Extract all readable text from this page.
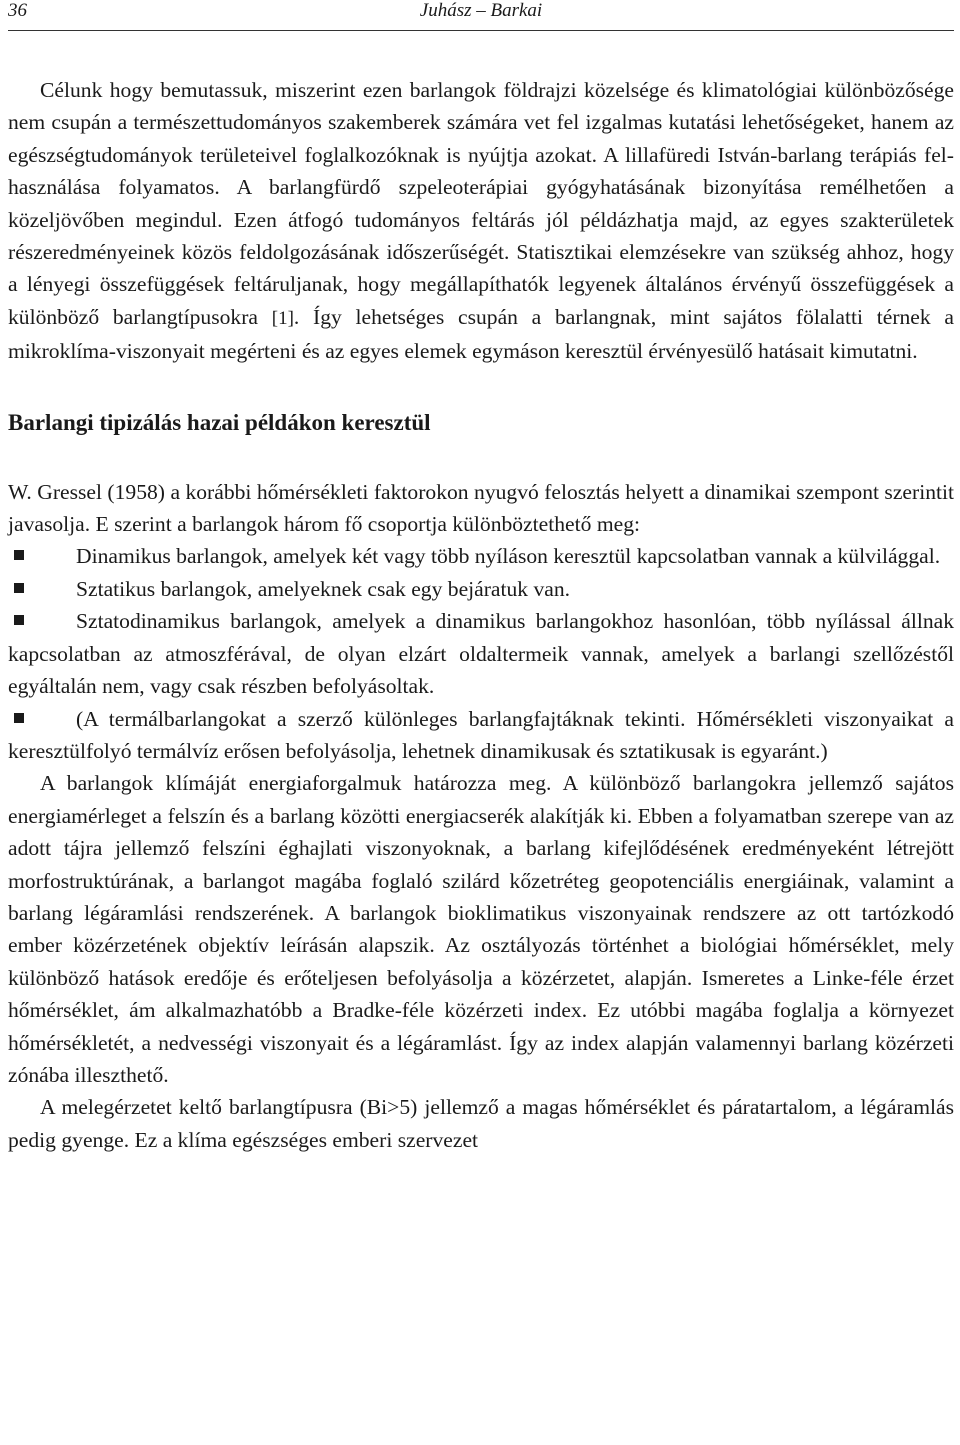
36	Juhász – Barkai

Célunk hogy bemutassuk, miszerint ezen barlangok földrajzi közelsége és klimatológiai különbözősége nem csupán a természettudományos szakemberek számára vet fel izgalmas kutatási lehetőségeket, hanem az egészségtudományok területeivel foglalkozóknak is nyújtja azokat. A lillafüredi István-barlang terápiás felhasználása folyamatos. A barlangfürdő szpeleoterápiai gyógyhatásának bizonyítása remélhetően a közeljövőben megindul. Ezen átfogó tudományos feltárás jól példázhatja majd, az egyes szakterületek részeredményeinek közös feldolgozásának időszerűségét. Statisztikai elemzésekre van szükség ahhoz, hogy a lényegi összefüggések feltáruljanak, hogy megállapíthatók legyenek általános érvényű összefüggések a különböző barlangtípusokra [1]. Így lehetséges csupán a barlangnak, mint sajátos fölalatti térnek a mikroklíma-viszonyait megérteni és az egyes elemek egymáson keresztül érvényesülő hatásait kimutatni.

Barlangi tipizálás hazai példákon keresztül

W. Gressel (1958) a korábbi hőmérsékleti faktorokon nyugvó felosztás helyett a dinamikai szempont szerintit javasolja. E szerint a barlangok három fő csoportja különböztethető meg:

Dinamikus barlangok, amelyek két vagy több nyíláson keresztül kapcsolatban vannak a külvilággal.

Sztatikus barlangok, amelyeknek csak egy bejáratuk van.

Sztatodinamikus barlangok, amelyek a dinamikus barlangokhoz hasonlóan, több nyílással állnak kapcsolatban az atmoszférával, de olyan elzárt oldaltermeik vannak, amelyek a barlangi szellőzéstől egyáltalán nem, vagy csak részben befolyásoltak.

(A termálbarlangokat a szerző különleges barlangfajtáknak tekinti. Hőmérsékleti viszonyaikat a keresztülfolyó termálvíz erősen befolyásolja, lehetnek dinamikusak és sztatikusak is egyaránt.)

A barlangok klímáját energiaforgalmuk határozza meg. A különböző barlangokra jellemző sajátos energiamérleget a felszín és a barlang közötti energiacserék alakítják ki. Ebben a folyamatban szerepe van az adott tájra jellemző felszíni éghajlati viszonyoknak, a barlang kifejlődésének eredményeként létrejött morfostruktúrának, a barlangot magába foglaló szilárd kőzetréteg geopotenciális energiáinak, valamint a barlang légáramlási rendszerének. A barlangok bioklimatikus viszonyainak rendszere az ott tartózkodó ember közérzetének objektív leírásán alapszik. Az osztályozás történhet a biológiai hőmérséklet, mely különböző hatások eredője és erőteljesen befolyásolja a közérzetet, alapján. Ismeretes a Linke-féle érzet hőmérséklet, ám alkalmazhatóbb a Bradke-féle közérzeti index. Ez utóbbi magába foglalja a környezet hőmérsékletét, a nedvességi viszonyait és a légáramlást. Így az index alapján valamennyi barlang közérzeti zónába illeszthető.

A melegérzetet keltő barlangtípusra (Bi>5) jellemző a magas hőmérséklet és páratartalom, a légáramlás pedig gyenge. Ez a klíma egészséges emberi szervezet
